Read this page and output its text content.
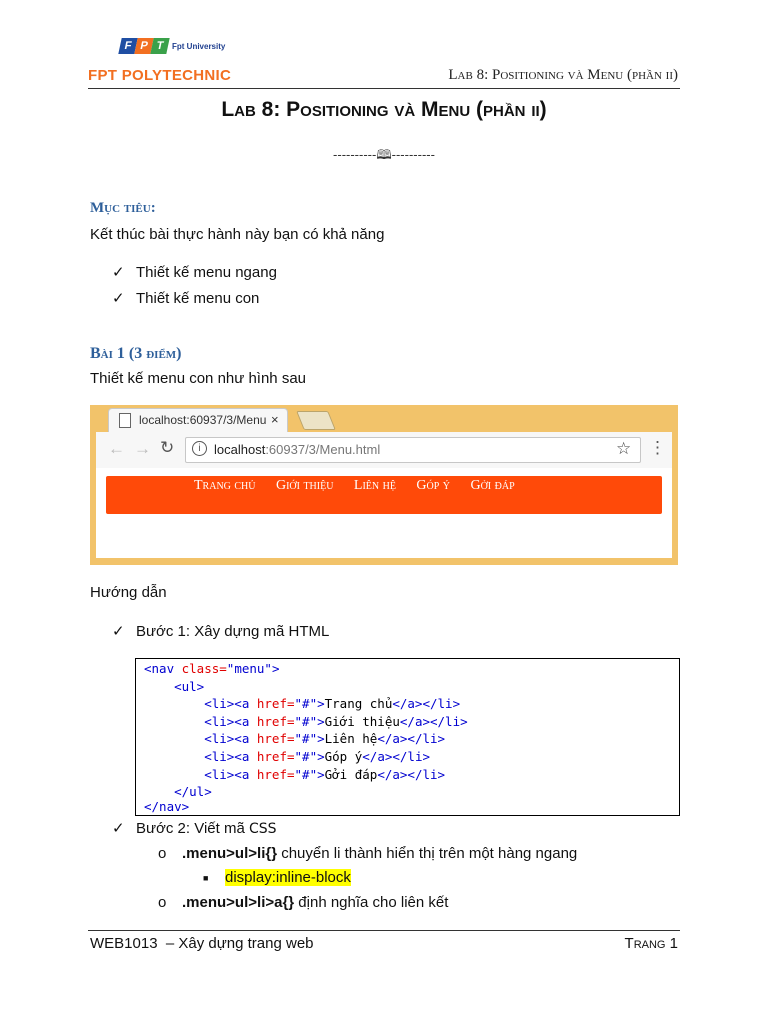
F P T Fpt University
FPT POLYTECHNIC	Lab 8: Positioning và Menu (phần ii)
Lab 8: Positioning và Menu (phần ii)
----------🕮----------
Mục tiêu:
Kết thúc bài thực hành này bạn có khả năng
✓ Thiết kế menu ngang
✓ Thiết kế menu con
Bài 1 (3 điểm)
Thiết kế menu con như hình sau
localhost:60937/3/Menu ×
← → ↻	⋮
i	localhost:60937/3/Menu.html	☆
Trang chủ Giới thiệu Liên hệ Góp ý Gởi đáp
Hướng dẫn
✓ Bước 1: Xây dựng mã HTML
<nav class="menu">
<ul>
<li><a href="#">Trang chủ</a></li>
<li><a href="#">Giới thiệu</a></li>
<li><a href="#">Liên hệ</a></li>
<li><a href="#">Góp ý</a></li>
<li><a href="#">Gởi đáp</a></li>
</ul>
</nav>
✓ Bước 2: Viết mã CSS
o .menu>ul>li{} chuyển li thành hiển thị trên một hàng ngang
■ display:inline-block
o .menu>ul>li>a{} định nghĩa cho liên kết
WEB1013  – Xây dựng trang web	Trang 1
